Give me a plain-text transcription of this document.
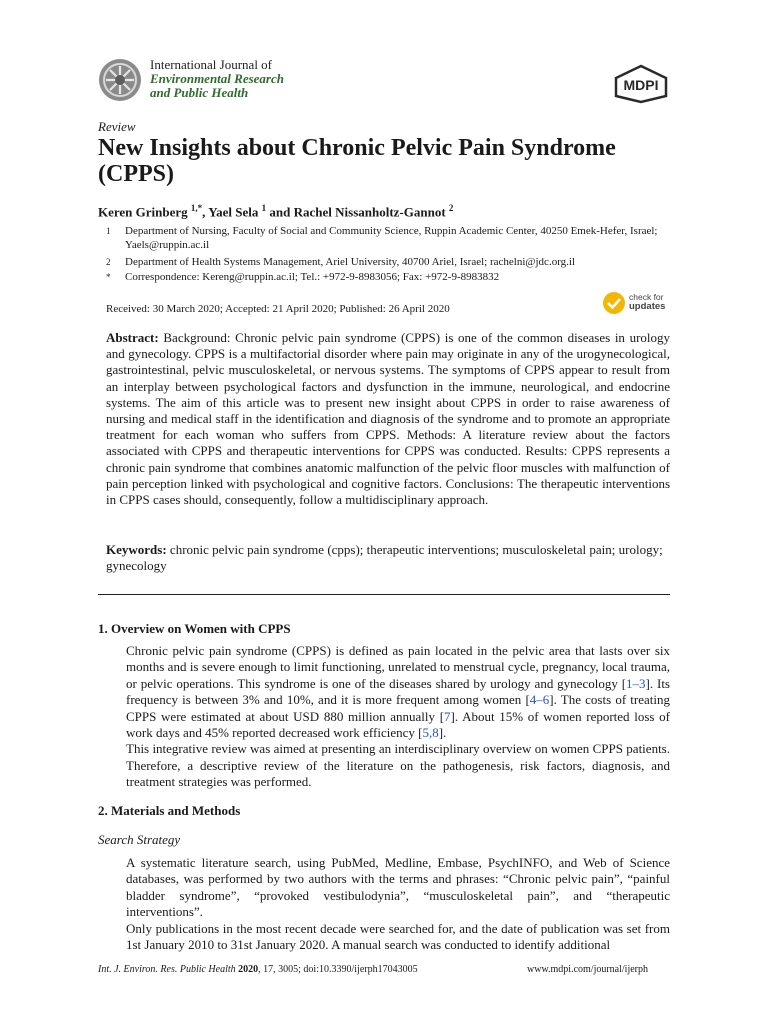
International Journal of
Environmental Research
and Public Health	MDPI
Review
New Insights about Chronic Pelvic Pain Syndrome (CPPS)
Keren Grinberg $^{1,*}$, Yael Sela $^1$ and Rachel Nissanholtz-Gannot $^2$
1	Department of Nursing, Faculty of Social and Community Science, Ruppin Academic Center, 40250 Emek-Hefer, Israel; Yaels@ruppin.ac.il
2	Department of Health Systems Management, Ariel University, 40700 Ariel, Israel; rachelni@jdc.org.il
*	Correspondence: Kereng@ruppin.ac.il; Tel.: +972-9-8983056; Fax: +972-9-8983832
Received: 30 March 2020; Accepted: 21 April 2020; Published: 26 April 2020
check for
updates
Abstract: Background: Chronic pelvic pain syndrome (CPPS) is one of the common diseases in urology and gynecology. CPPS is a multifactorial disorder where pain may originate in any of the urogynecological, gastrointestinal, pelvic musculoskeletal, or nervous systems. The symptoms of CPPS appear to result from an interplay between psychological factors and dysfunction in the immune, neurological, and endocrine systems. The aim of this article was to present new insight about CPPS in order to raise awareness of nursing and medical staff in the identification and diagnosis of the syndrome and to promote an appropriate treatment for each woman who suffers from CPPS. Methods: A literature review about the factors associated with CPPS and therapeutic interventions for CPPS was conducted. Results: CPPS represents a chronic pain syndrome that combines anatomic malfunction of the pelvic floor muscles with malfunction of pain perception linked with psychological and cognitive factors. Conclusions: The therapeutic interventions in CPPS cases should, consequently, follow a multidisciplinary approach.
Keywords: chronic pelvic pain syndrome (cpps); therapeutic interventions; musculoskeletal pain; urology; gynecology
1. Overview on Women with CPPS
Chronic pelvic pain syndrome (CPPS) is defined as pain located in the pelvic area that lasts over six months and is severe enough to limit functioning, unrelated to menstrual cycle, pregnancy, local trauma, or pelvic operations. This syndrome is one of the diseases shared by urology and gynecology [1–3]. Its frequency is between 3% and 10%, and it is more frequent among women [4–6]. The costs of treating CPPS were estimated at about USD 880 million annually [7]. About 15% of women reported loss of work days and 45% reported decreased work efficiency [5,8].
This integrative review was aimed at presenting an interdisciplinary overview on women CPPS patients. Therefore, a descriptive review of the literature on the pathogenesis, risk factors, diagnosis, and treatment strategies was performed.
2. Materials and Methods
Search Strategy
A systematic literature search, using PubMed, Medline, Embase, PsychINFO, and Web of Science databases, was performed by two authors with the terms and phrases: “Chronic pelvic pain”, “painful bladder syndrome”, “provoked vestibulodynia”, “musculoskeletal pain”, and “therapeutic interventions”.
Only publications in the most recent decade were searched for, and the date of publication was set from 1st January 2010 to 31st January 2020. A manual search was conducted to identify additional
Int. J. Environ. Res. Public Health 2020, 17, 3005; doi:10.3390/ijerph17043005	www.mdpi.com/journal/ijerph
